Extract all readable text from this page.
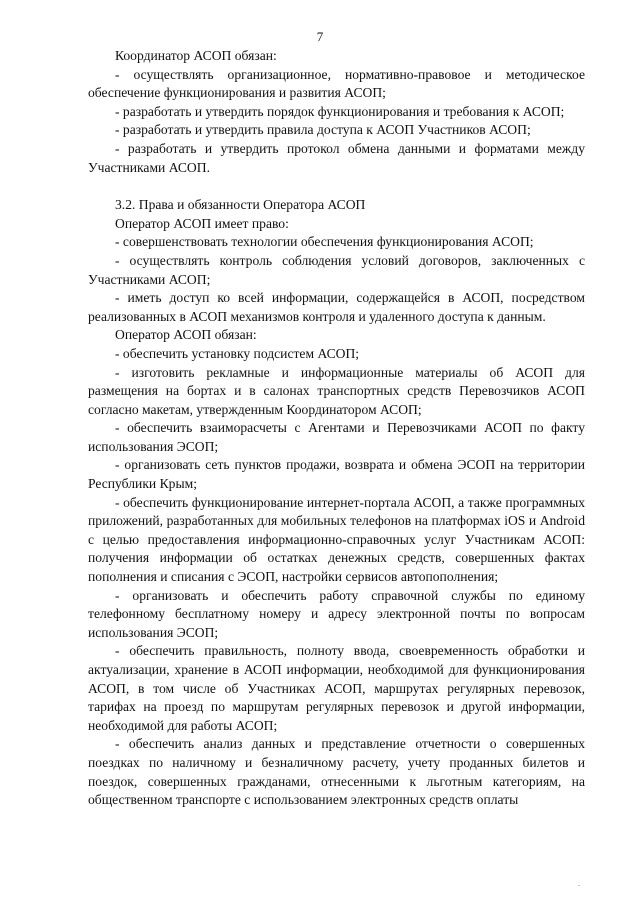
7

Координатор АСОП обязан:

- осуществлять организационное, нормативно-правовое и методическое обеспечение функционирования и развития АСОП;

- разработать и утвердить порядок функционирования и требования к АСОП;

- разработать и утвердить правила доступа к АСОП Участников АСОП;

- разработать и утвердить протокол обмена данными и форматами между Участниками АСОП.

3.2. Права и обязанности Оператора АСОП

Оператор АСОП имеет право:

- совершенствовать технологии обеспечения функционирования АСОП;

- осуществлять контроль соблюдения условий договоров, заключенных с Участниками АСОП;

- иметь доступ ко всей информации, содержащейся в АСОП, посредством реализованных в АСОП механизмов контроля и удаленного доступа к данным.

Оператор АСОП обязан:

- обеспечить установку подсистем АСОП;

- изготовить рекламные и информационные материалы об АСОП для размещения на бортах и в салонах транспортных средств Перевозчиков АСОП согласно макетам, утвержденным Координатором АСОП;

- обеспечить взаиморасчеты с Агентами и Перевозчиками АСОП по факту использования ЭСОП;

- организовать сеть пунктов продажи, возврата и обмена ЭСОП на территории Республики Крым;

- обеспечить функционирование интернет-портала АСОП, а также программных приложений, разработанных для мобильных телефонов на платформах iOS и Android с целью предоставления информационно-справочных услуг Участникам АСОП: получения информации об остатках денежных средств, совершенных фактах пополнения и списания с ЭСОП, настройки сервисов автопополнения;

- организовать и обеспечить работу справочной службы по единому телефонному бесплатному номеру и адресу электронной почты по вопросам использования ЭСОП;

- обеспечить правильность, полноту ввода, своевременность обработки и актуализации, хранение в АСОП информации, необходимой для функционирования АСОП, в том числе об Участниках АСОП, маршрутах регулярных перевозок, тарифах на проезд по маршрутам регулярных перевозок и другой информации, необходимой для работы АСОП;

- обеспечить анализ данных и представление отчетности о совершенных поездках по наличному и безналичному расчету, учету проданных билетов и поездок, совершенных гражданами, отнесенными к льготным категориям, на общественном транспорте с использованием электронных средств оплаты

.
